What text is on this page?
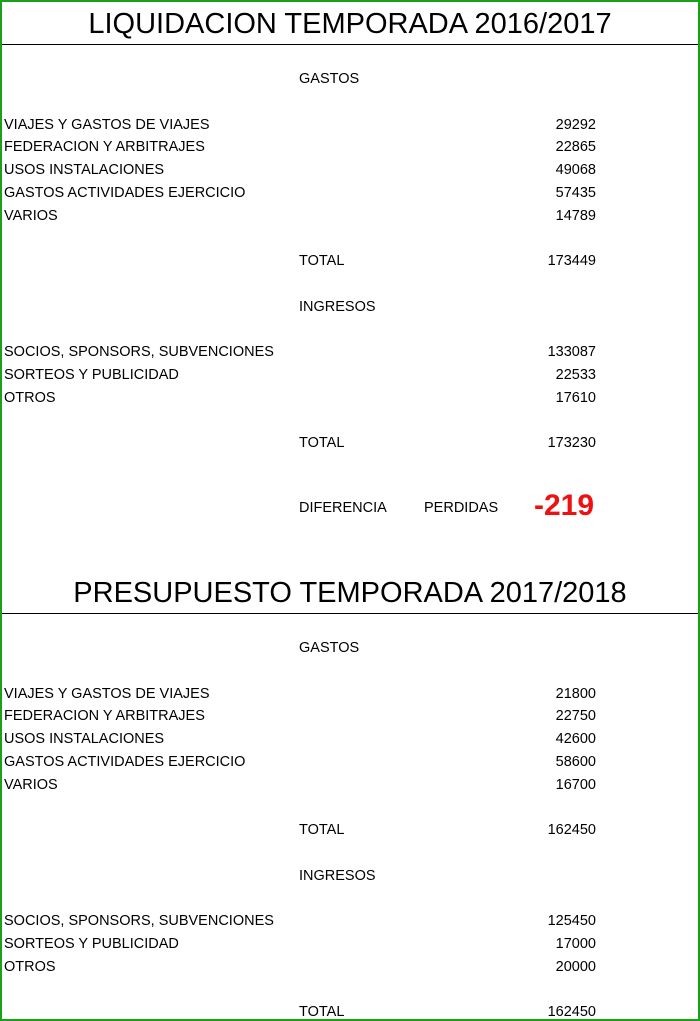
LIQUIDACION TEMPORADA 2016/2017
GASTOS
VIAJES Y GASTOS DE VIAJES	29292
FEDERACION Y ARBITRAJES	22865
USOS INSTALACIONES	49068
GASTOS ACTIVIDADES EJERCICIO	57435
VARIOS	14789
TOTAL	173449
INGRESOS
SOCIOS, SPONSORS, SUBVENCIONES	133087
SORTEOS Y PUBLICIDAD	22533
OTROS	17610
TOTAL	173230
DIFERENCIA	PERDIDAS -219
PRESUPUESTO TEMPORADA 2017/2018
GASTOS
VIAJES Y GASTOS DE VIAJES	21800
FEDERACION Y ARBITRAJES	22750
USOS INSTALACIONES	42600
GASTOS ACTIVIDADES EJERCICIO	58600
VARIOS	16700
TOTAL	162450
INGRESOS
SOCIOS, SPONSORS, SUBVENCIONES	125450
SORTEOS Y PUBLICIDAD	17000
OTROS	20000
TOTAL	162450
